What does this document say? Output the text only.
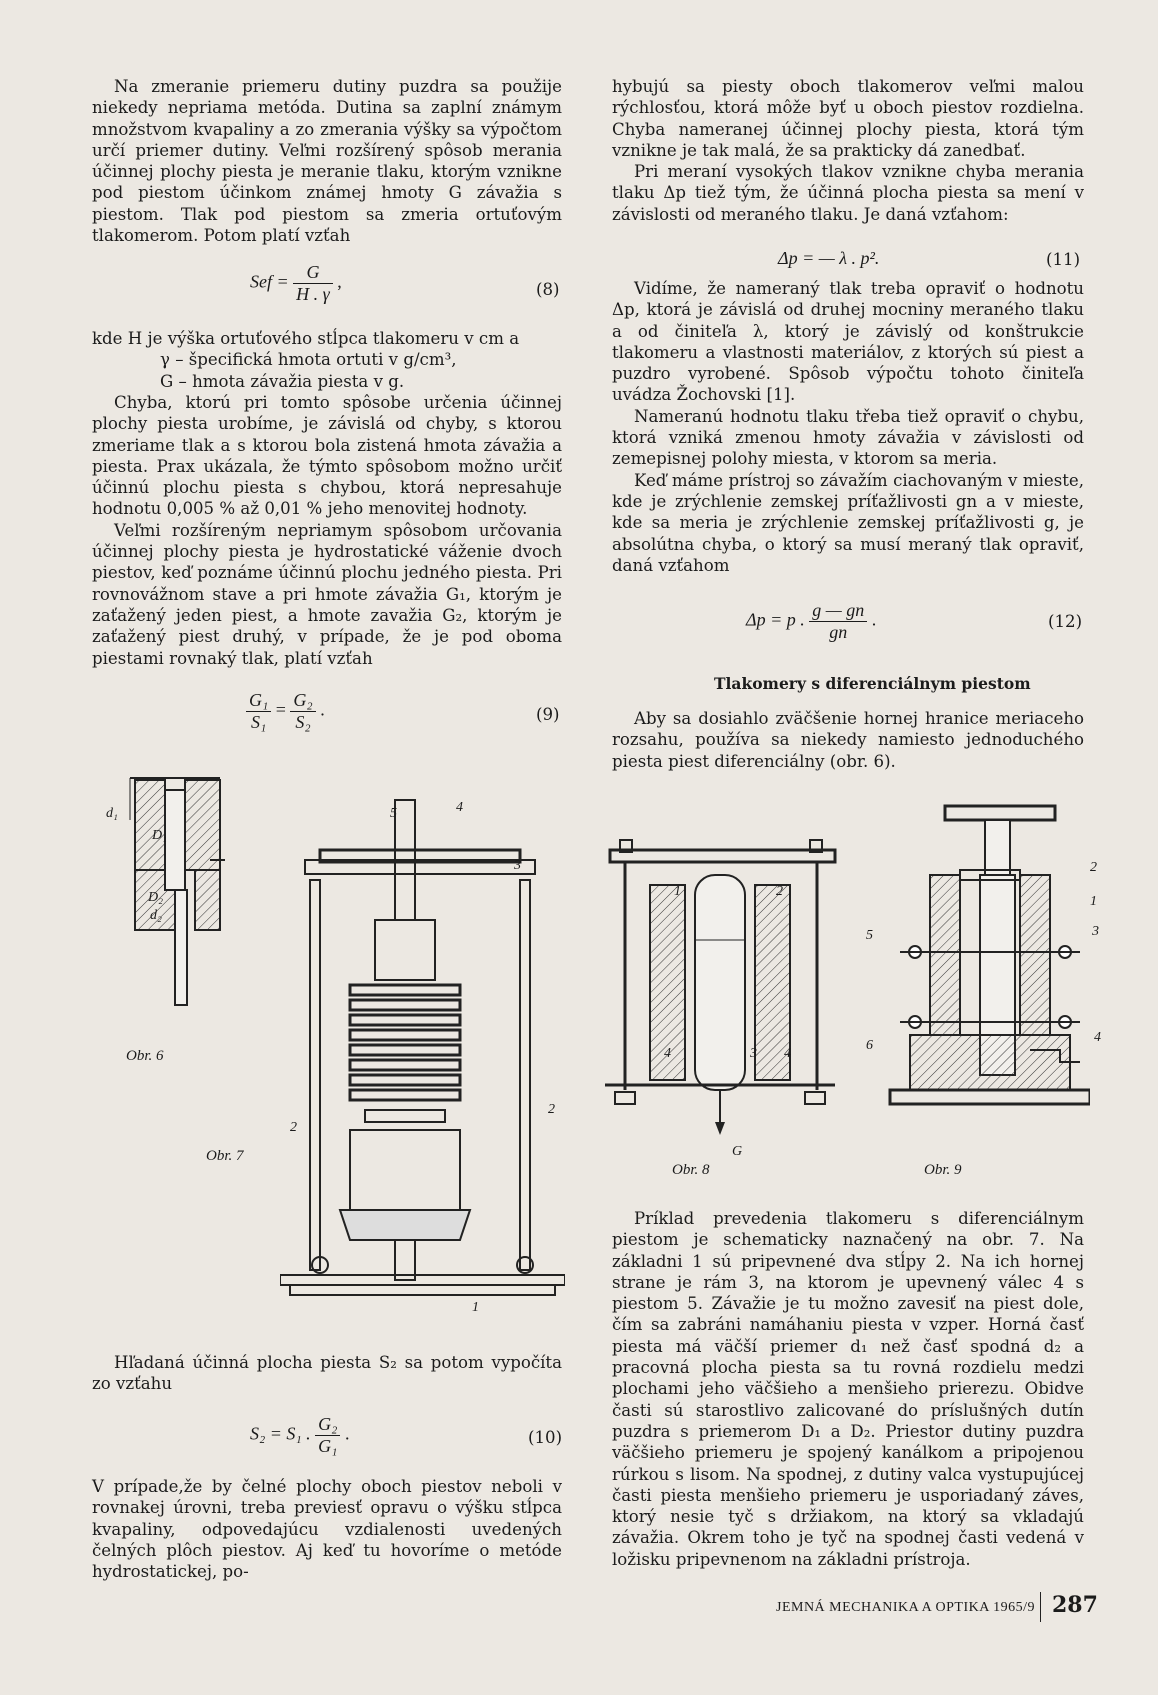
Na zmeranie priemeru dutiny puzdra sa použije niekedy nepriama metóda. Dutina sa zaplní známym množstvom kvapaliny a zo zmerania výšky sa výpočtom určí priemer dutiny. Veľmi rozšírený spôsob merania účinnej plochy piesta je meranie tlaku, ktorým vznikne pod piestom účinkom známej hmoty G závažia s piestom. Tlak pod piestom sa zmeria ortuťovým tlakomerom. Potom platí vzťah

Sef = $\frac{G}{H . \gamma}$ ,	(8)

kde H je výška ortuťového stĺpca tlakomeru v cm a

γ – špecifická hmota ortuti v g/cm³,

G – hmota závažia piesta v g.

Chyba, ktorú pri tomto spôsobe určenia účinnej plochy piesta urobíme, je závislá od chyby, s ktorou zmeriame tlak a s ktorou bola zistená hmota závažia a piesta. Prax ukázala, že týmto spôsobom možno určiť účinnú plochu piesta s chybou, ktorá nepresahuje hodnotu 0,005 % až 0,01 % jeho menovitej hodnoty.

Veľmi rozšíreným nepriamym spôsobom určovania účinnej plochy piesta je hydrostatické váženie dvoch piestov, keď poznáme účinnú plochu jedného piesta. Pri rovnovážnom stave a pri hmote závažia G₁, ktorým je zaťažený jeden piest, a hmote zavažia G₂, ktorým je zaťažený piest druhý, v prípade, že je pod oboma piestami rovnaký tlak, platí vzťah

$\frac{\text{G₁}}{\text{S₁}} = \frac{\text{G₂}}{\text{S₂}}$ .	(9)
d₁
D₁
D₂
d₂
Obr. 6
5	4
3
2
2
1
Obr. 7

Hľadaná účinná plocha piesta S₂ sa potom vypočíta zo vzťahu

S₂ = S₁ . $\frac{\text{G₂}}{\text{G₁}}$ .	(10)

V prípade,že by čelné plochy oboch piestov neboli v rovnakej úrovni, treba previesť opravu o výšku stĺpca kvapaliny, odpovedajúcu vzdialenosti uvedených čelných plôch piestov. Aj keď tu hovoríme o metóde hydrostatickej, po-

hybujú sa piesty oboch tlakomerov veľmi malou rýchlosťou, ktorá môže byť u oboch piestov rozdielna. Chyba nameranej účinnej plochy piesta, ktorá tým vznikne je tak malá, že sa prakticky dá zanedbať.

Pri meraní vysokých tlakov vznikne chyba merania tlaku Δp tiež tým, že účinná plocha piesta sa mení v závislosti od meraného tlaku. Je daná vzťahom:

Δp = — λ . p².	(11)

Vidíme, že nameraný tlak treba opraviť o hodnotu Δp, ktorá je závislá od druhej mocniny meraného tlaku a od činiteľa λ, ktorý je závislý od konštrukcie tlakomeru a vlastnosti materiálov, z ktorých sú piest a puzdro vyrobené. Spôsob výpočtu tohoto činiteľa uvádza Žochovski [1].

Nameranú hodnotu tlaku třeba tiež opraviť o chybu, ktorá vzniká zmenou hmoty závažia v závislosti od zemepisnej polohy miesta, v ktorom sa meria.

Keď máme prístroj so závažím ciachovaným v mieste, kde je zrýchlenie zemskej príťažlivosti gn a v mieste, kde sa meria je zrýchlenie zemskej príťažlivosti g, je absolútna chyba, o ktorý sa musí meraný tlak opraviť, daná vzťahom

Δp = p . $\frac{g — gn}{gn}$ .	(12)
Tlakomery s diferenciálnym piestom

Aby sa dosiahlo zväčšenie hornej hranice meriaceho rozsahu, používa sa niekedy namiesto jednoduchého piesta piest diferenciálny (obr. 6).

1	2
4	3 4
G
Obr. 8
2
1
5	3
6
4
Obr. 9

Príklad prevedenia tlakomeru s diferenciálnym piestom je schematicky naznačený na obr. 7. Na základni 1 sú pripevnené dva stĺpy 2. Na ich hornej strane je rám 3, na ktorom je upevnený válec 4 s piestom 5. Závažie je tu možno zavesiť na piest dole, čím sa zabráni namáhaniu piesta v vzper. Horná časť piesta má väčší priemer d₁ než časť spodná d₂ a pracovná plocha piesta sa tu rovná rozdielu medzi plochami jeho väčšieho a menšieho prierezu. Obidve časti sú starostlivo zalicované do príslušných dutín puzdra s priemerom D₁ a D₂. Priestor dutiny puzdra väčšieho priemeru je spojený kanálkom a pripojenou rúrkou s lisom. Na spodnej, z dutiny valca vystupujúcej časti piesta menšieho priemeru je usporiadaný záves, ktorý nesie tyč s držiakom, na ktorý sa vkladajú závažia. Okrem toho je tyč na spodnej časti vedená v ložisku pripevnenom na základni prístroja.

JEMNÁ MECHANIKA A OPTIKA 1965/9 287
